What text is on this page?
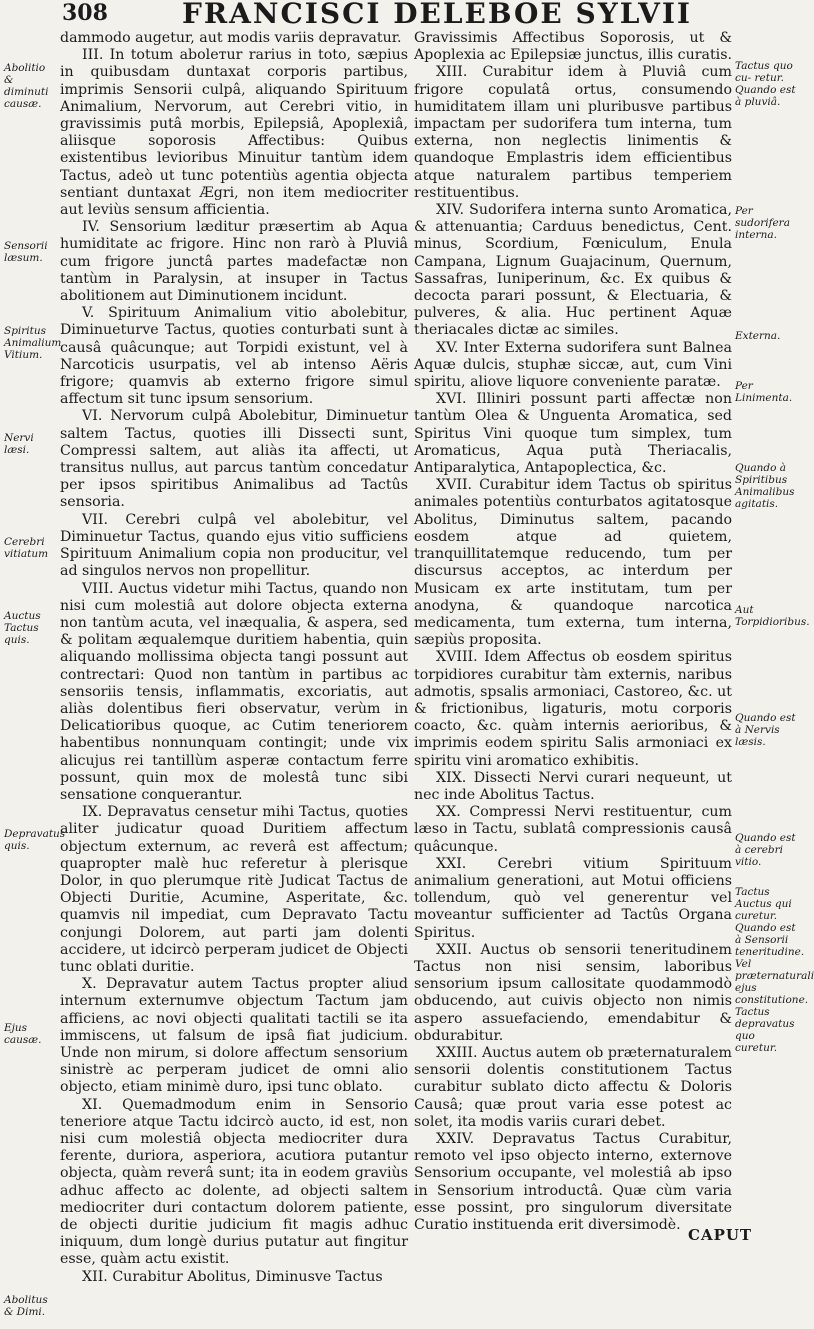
308	FRANCISCI DELEBOE SYLVII

dammodo augetur, aut modis variis depravatur.

III. In totum abolетur rarius in toto, sæpius in quibusdam duntaxat corporis partibus, imprimis Sensorii culpâ, aliquando Spirituum Animalium, Nervorum, aut Cerebri vitio, in gravissimis putâ morbis, Epilepsiâ, Apoplexiâ, aliisque soporosis Affectibus: Quibus existentibus levioribus Minuitur tantùm idem Tactus, adeò ut tunc potentiùs agentia objecta sentiant duntaxat Ægri, non item mediocriter aut leviùs sensum afficientia.

IV. Sensorium læditur præsertim ab Aqua humiditate ac frigore. Hinc non rarò à Pluviâ cum frigore junctâ partes madefactæ non tantùm in Paralysin, at insuper in Tactus abolitionem aut Diminutionem incidunt.

V. Spirituum Animalium vitio abolebitur, Diminueturve Tactus, quoties conturbati sunt à causâ quâcunque; aut Torpidi existunt, vel à Narcoticis usurpatis, vel ab intenso Aëris frigore; quamvis ab externo frigore simul affectum sit tunc ipsum sensorium.

VI. Nervorum culpâ Abolebitur, Diminuetur saltem Tactus, quoties illi Dissecti sunt, Compressi saltem, aut aliàs ita affecti, ut transitus nullus, aut parcus tantùm concedatur per ipsos spiritibus Animalibus ad Tactûs sensoria.

VII. Cerebri culpâ vel abolebitur, vel Diminuetur Tactus, quando ejus vitio sufficiens Spirituum Animalium copia non producitur, vel ad singulos nervos non propellitur.

VIII. Auctus videtur mihi Tactus, quando non nisi cum molestiâ aut dolore objecta externa non tantùm acuta, vel inæqualia, & aspera, sed & politam æqualemque duritiem habentia, quin aliquando mollissima objecta tangi possunt aut contrectari: Quod non tantùm in partibus ac sensoriis tensis, inflammatis, excoriatis, aut aliàs dolentibus fieri observatur, verùm in Delicatioribus quoque, ac Cutim teneriorem habentibus nonnunquam contingit; unde vix alicujus rei tantillùm asperæ contactum ferre possunt, quin mox de molestâ tunc sibi sensatione conquerantur.

IX. Depravatus censetur mihi Tactus, quoties aliter judicatur quoad Duritiem affectum objectum externum, ac reverâ est affectum; quapropter malè huc referetur à plerisque Dolor, in quo plerumque ritè Judicat Tactus de Objecti Duritie, Acumine, Asperitate, &c. quamvis nil impediat, cum Depravato Tactu conjungi Dolorem, aut parti jam dolenti accidere, ut idcircò perperam judicet de Objecti tunc oblati duritie.

X. Depravatur autem Tactus propter aliud internum externumve objectum Tactum jam afficiens, ac novi objecti qualitati tactili se ita immiscens, ut falsum de ipsâ fiat judicium. Unde non mirum, si dolore affectum sensorium sinistrè ac perperam judicet de omni alio objecto, etiam minimè duro, ipsi tunc oblato.

XI. Quemadmodum enim in Sensorio teneriore atque Tactu idcircò aucto, id est, non nisi cum molestiâ objecta mediocriter dura ferente, duriora, asperiora, acutiora putantur objecta, quàm reverâ sunt; ita in eodem graviùs adhuc affecto ac dolente, ad objecti saltem mediocriter duri contactum dolorem patiente, de objecti duritie judicium fit magis adhuc iniquum, dum longè durius putatur aut fingitur esse, quàm actu existit.

XII. Curabitur Abolitus, Diminusve Tactus

Gravissimis Affectibus Soporosis, ut & Apoplexia ac Epilepsiæ junctus, illis curatis.

XIII. Curabitur idem à Pluviâ cum frigore copulatâ ortus, consumendo humiditatem illam uni pluribusve partibus impactam per sudorifera tum interna, tum externa, non neglectis linimentis & quandoque Emplastris idem efficientibus atque naturalem partibus temperiem restituentibus.

XIV. Sudorifera interna sunto Aromatica, & attenuantia; Carduus benedictus, Cent. minus, Scordium, Fœniculum, Enula Campana, Lignum Guajacinum, Quernum, Sassafras, Iuniperinum, &c. Ex quibus & decocta parari possunt, & Electuaria, & pulveres, & alia. Huc pertinent Aquæ theriacales dictæ ac similes.

XV. Inter Externa sudorifera sunt Balnea Aquæ dulcis, stuphæ siccæ, aut, cum Vini spiritu, aliove liquore conveniente paratæ.

XVI. Illiniri possunt parti affectæ non tantùm Olea & Unguenta Aromatica, sed Spiritus Vini quoque tum simplex, tum Aromaticus, Aqua putà Theriacalis, Antiparalytica, Antapoplectica, &c.

XVII. Curabitur idem Tactus ob spiritus animales potentiùs conturbatos agitatosque Abolitus, Diminutus saltem, pacando eosdem atque ad quietem, tranquillitatemque reducendo, tum per discursus acceptos, ac interdum per Musicam ex arte institutam, tum per anodyna, & quandoque narcotica medicamenta, tum externa, tum interna, sæpiùs proposita.

XVIII. Idem Affectus ob eosdem spiritus torpidiores curabitur tàm externis, naribus admotis, spsalis armoniaci, Castoreo, &c. ut & frictionibus, ligaturis, motu corporis coacto, &c. quàm internis aerioribus, & imprimis eodem spiritu Salis armoniaci ex spiritu vini aromatico exhibitis.

XIX. Dissecti Nervi curari nequeunt, ut nec inde Abolitus Tactus.

XX. Compressi Nervi restituentur, cum læso in Tactu, sublatâ compressionis causâ quâcunque.

XXI. Cerebri vitium Spirituum animalium generationi, aut Motui officiens tollendum, quò vel generentur vel moveantur sufficienter ad Tactûs Organa Spiritus.

XXII. Auctus ob sensorii teneritudinem Tactus non nisi sensim, laboribus sensorium ipsum callositate quodammodò obducendo, aut cuivis objecto non nimis aspero assuefaciendo, emendabitur & obdurabitur.

XXIII. Auctus autem ob præternaturalem sensorii dolentis constitutionem Tactus curabitur sublato dicto affectu & Doloris Causâ; quæ prout varia esse potest ac solet, ita modis variis curari debet.

XXIV. Depravatus Tactus Curabitur, remoto vel ipso objecto interno, externove Sensorium occupante, vel molestiâ ab ipso in Sensorium introductâ. Quæ cùm varia esse possint, pro singulorum diversitate Curatio instituenda erit diversimodè.

Abolitio & diminuti causæ.
Sensorii læsum.
Spiritus Animalium Vitium.
Nervi læsi.
Cerebri vitiatum
Auctus Tactus quis.
Depravatus quis.
Ejus causæ.
Abolitus & Dimi.
Tactus quo cu- retur. Quando est à pluviâ.
Per sudorifera interna.
Externa.
Per Linimenta.
Quando à Spiritibus Animalibus agitatis.
Aut Torpidioribus.
Quando est à Nervis læsis.
Quando est à cerebri vitio.
Tactus Auctus qui curetur. Quando est à Sensorii teneritudine. Vel præternaturali ejus constitutione. Tactus depravatus quo curetur.
CAPUT
